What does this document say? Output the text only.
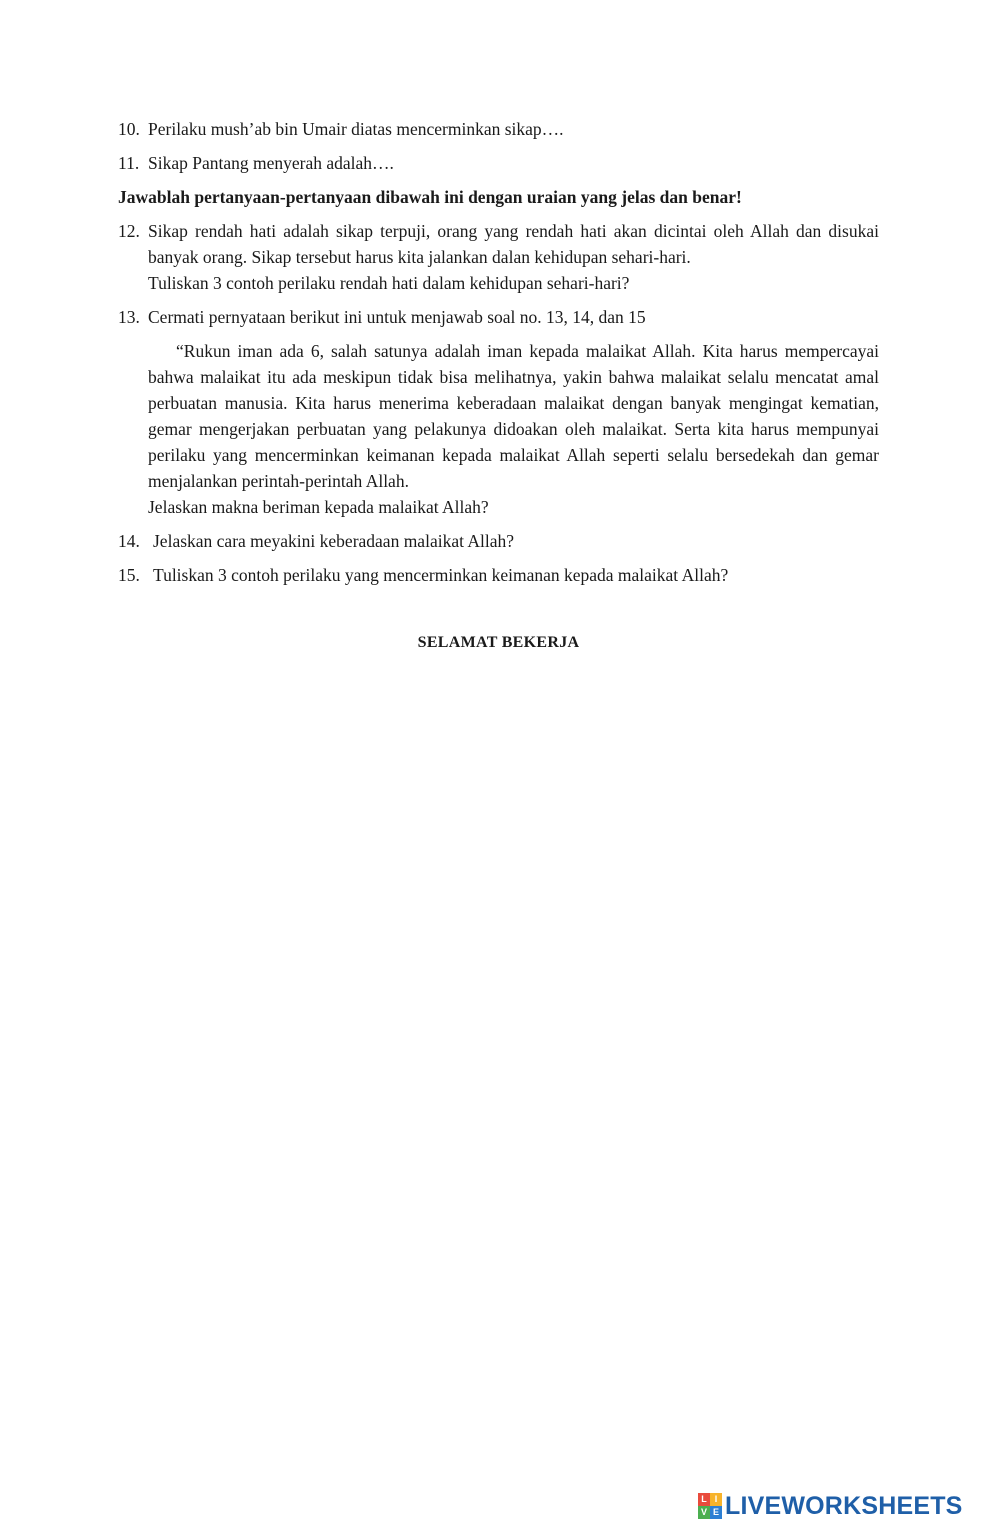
10. Perilaku mush’ab bin Umair diatas mencerminkan sikap….
11. Sikap Pantang menyerah adalah….
Jawablah pertanyaan-pertanyaan dibawah ini dengan uraian yang jelas dan benar!
12. Sikap rendah hati adalah sikap terpuji, orang yang rendah hati akan dicintai oleh Allah dan disukai banyak orang. Sikap tersebut harus kita jalankan dalan kehidupan sehari-hari.
Tuliskan 3 contoh perilaku rendah hati dalam kehidupan sehari-hari?
13. Cermati pernyataan berikut ini untuk menjawab soal no. 13, 14, dan 15
“Rukun iman ada 6, salah satunya adalah iman kepada malaikat Allah. Kita harus mempercayai bahwa malaikat itu ada meskipun tidak bisa melihatnya, yakin bahwa malaikat selalu mencatat amal perbuatan manusia. Kita harus menerima keberadaan malaikat dengan banyak mengingat kematian, gemar mengerjakan perbuatan yang pelakunya didoakan oleh malaikat. Serta kita harus mempunyai perilaku yang mencerminkan keimanan kepada malaikat Allah seperti selalu bersedekah dan gemar menjalankan perintah-perintah Allah.
Jelaskan makna beriman kepada malaikat Allah?
14. Jelaskan cara meyakini keberadaan malaikat Allah?
15. Tuliskan 3 contoh perilaku yang mencerminkan keimanan kepada malaikat Allah?
SELAMAT BEKERJA
L I
V E LIVEWORKSHEETS
